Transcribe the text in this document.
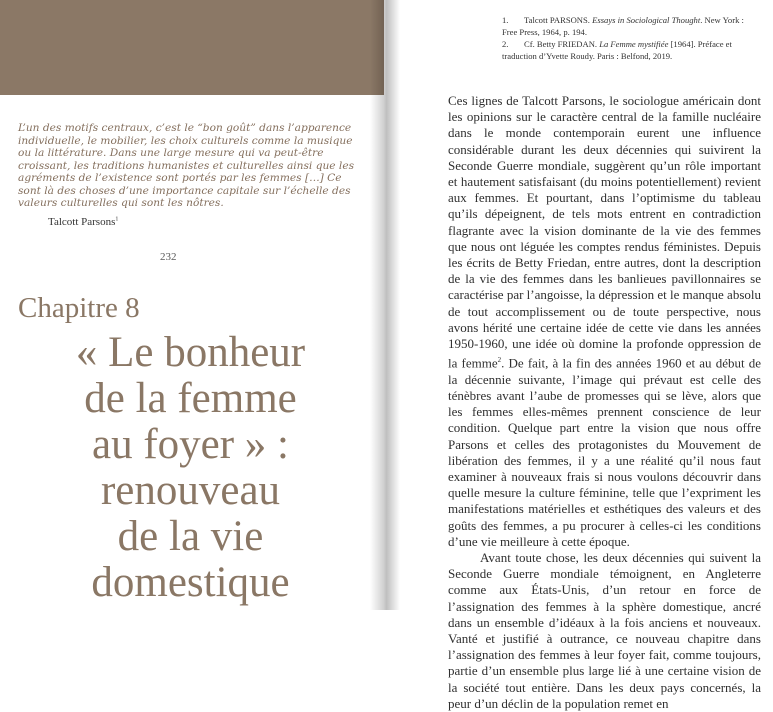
L’un des motifs centraux, c’est le “bon goût” dans l’apparence individuelle, le mobilier, les choix culturels comme la musique ou la littérature. Dans une large mesure qui va peut-être croissant, les traditions humanistes et culturelles ainsi que les agréments de l’existence sont portés par les femmes […] Ce sont là des choses d’une importance capitale sur l’échelle des valeurs culturelles qui sont les nôtres.
Talcott Parsons$^1$
232
Chapitre 8
« Le bonheur
de la femme
au foyer » :
renouveau
de la vie
domestique

1. Talcott PARSONS. Essays in Sociological Thought. New York : Free Press, 1964, p. 194.

2. Cf. Betty FRIEDAN. La Femme mystifiée [1964]. Préface et traduction d’Yvette Roudy. Paris : Belfond, 2019.

Ces lignes de Talcott Parsons, le sociologue américain dont les opinions sur le caractère central de la famille nucléaire dans le monde contemporain eurent une influence considérable durant les deux décennies qui suivirent la Seconde Guerre mondiale, suggèrent qu’un rôle important et hautement satisfaisant (du moins potentiellement) revient aux femmes. Et pourtant, dans l’optimisme du tableau qu’ils dépeignent, de tels mots entrent en contradiction flagrante avec la vision dominante de la vie des femmes que nous ont léguée les comptes rendus féministes. Depuis les écrits de Betty Friedan, entre autres, dont la description de la vie des femmes dans les banlieues pavillonnaires se caractérise par l’angoisse, la dépression et le manque absolu de tout accomplissement ou de toute perspective, nous avons hérité une certaine idée de cette vie dans les années 1950-1960, une idée où domine la profonde oppression de la femme$^2$. De fait, à la fin des années 1960 et au début de la décennie suivante, l’image qui prévaut est celle des ténèbres avant l’aube de promesses qui se lève, alors que les femmes elles-mêmes prennent conscience de leur condition. Quelque part entre la vision que nous offre Parsons et celles des protagonistes du Mouvement de libération des femmes, il y a une réalité qu’il nous faut examiner à nouveaux frais si nous voulons découvrir dans quelle mesure la culture féminine, telle que l’expriment les manifestations matérielles et esthétiques des valeurs et des goûts des femmes, a pu procurer à celles-ci les conditions d’une vie meilleure à cette époque.

Avant toute chose, les deux décennies qui suivent la Seconde Guerre mondiale témoignent, en Angleterre comme aux États-Unis, d’un retour en force de l’assignation des femmes à la sphère domestique, ancré dans un ensemble d’idéaux à la fois anciens et nouveaux. Vanté et justifié à outrance, ce nouveau chapitre dans l’assignation des femmes à leur foyer fait, comme toujours, partie d’un ensemble plus large lié à une certaine vision de la société tout entière. Dans les deux pays concernés, la peur d’un déclin de la population remet en
